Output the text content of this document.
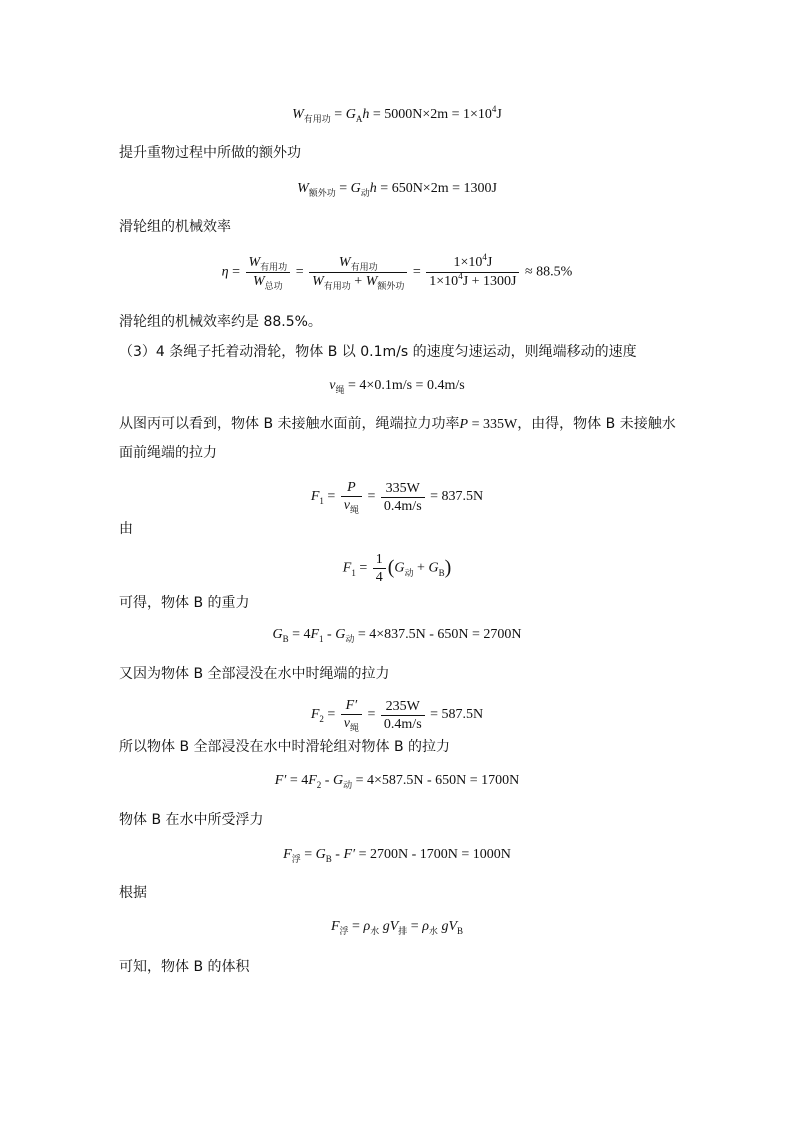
$W_{有用功} = G_Ah = 5000N\times 2m = 1\times 10^4J$
提升重物过程中所做的额外功
$W_{额外功} = G_动h = 650N\times 2m = 1300J$
滑轮组的机械效率
$\eta = \frac{W_{有用功}}{W_{总功}} = \frac{W_{有用功}}{W_{有用功} + W_{额外功}} = \frac{1\times 10^4J}{1\times 10^4J + 1300J} \approx 88.5\%$
滑轮组的机械效率约是 88.5%。
（3）4 条绳子托着动滑轮，物体 B 以 0.1m/s 的速度匀速运动，则绳端移动的速度
$v_绳 = 4\times 0.1m/s = 0.4m/s$
从图丙可以看到，物体 B 未接触水面前，绳端拉力功率P = 335W，由得，物体 B 未接触水
面前绳端的拉力
$F_1 = \frac{P}{v_绳} = \frac{335W}{0.4m/s} = 837.5N$
由
$F_1 = \frac{1}{4} (G_动 + G_B)$
可得，物体 B 的重力
$G_B = 4F_1 - G_动 = 4\times 837.5N - 650N = 2700N$
又因为物体 B 全部浸没在水中时绳端的拉力
$F_2 = \frac{F'}{v_绳} = \frac{235W}{0.4m/s} = 587.5N$
所以物体 B 全部浸没在水中时滑轮组对物体 B 的拉力
$F' = 4F_2 - G_动 = 4\times 587.5N - 650N = 1700N$
物体 B 在水中所受浮力
$F_浮 = G_B - F' = 2700N - 1700N = 1000N$
根据
$F_浮 = \rho_水$ $gV_排 = \rho_水$ $gV_B$
可知，物体 B 的体积
